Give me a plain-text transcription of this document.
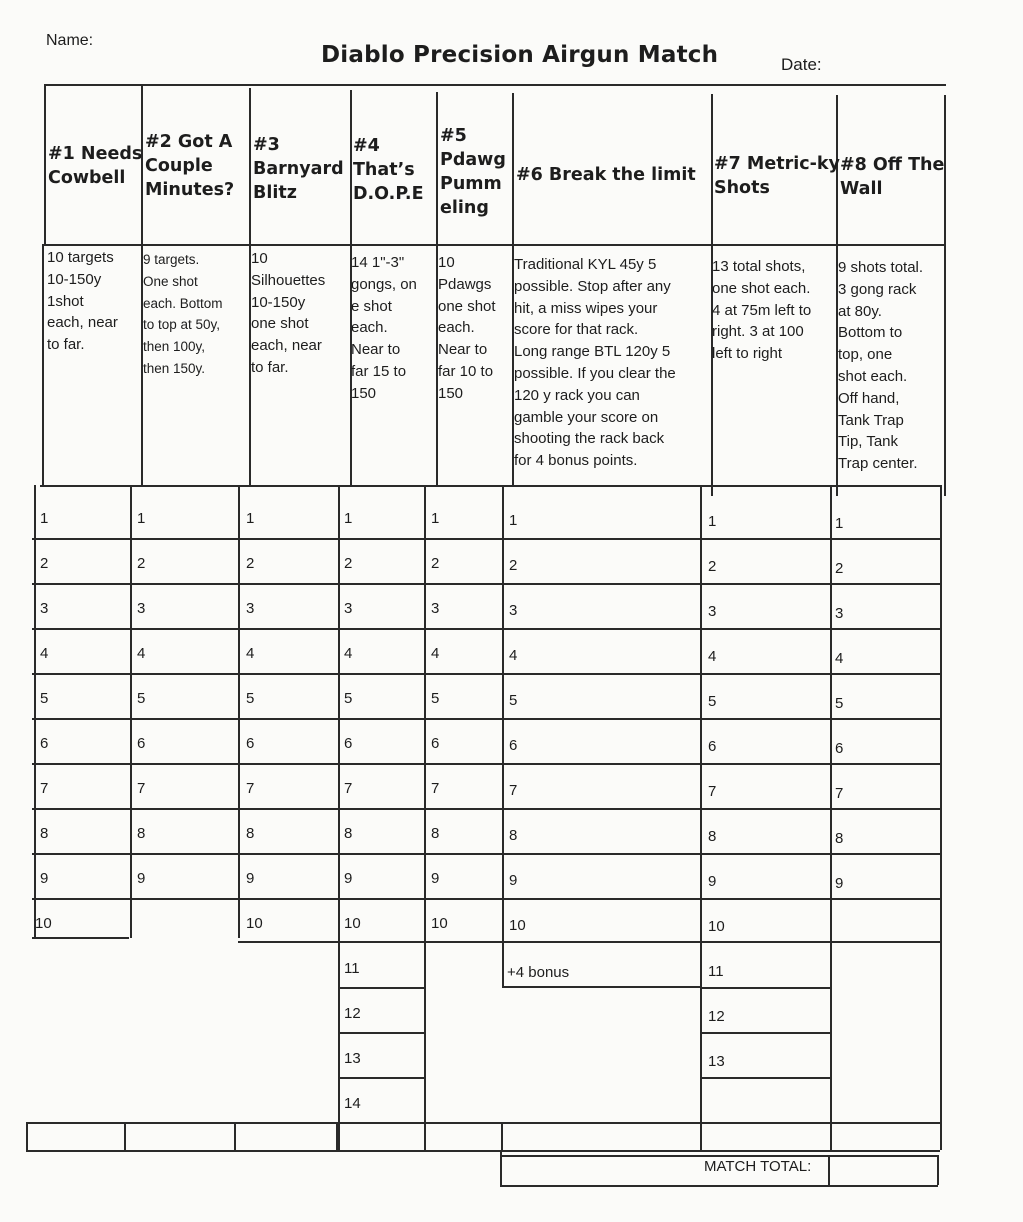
Name:
Diablo Precision Airgun Match	Date:
#1 Needs
Cowbell
#2 Got A
Couple
Minutes?
#3
Barnyard
Blitz
#4
That’s
D.O.P.E
#5
Pdawg
Pumm
eling
#6 Break the limit
#7 Metric-ky
Shots
#8 Off The
Wall
10 targets
10-150y
1shot
each, near
to far.
9 targets.
One shot
each. Bottom
to top at 50y,
then 100y,
then 150y.
10
Silhouettes
10-150y
one shot
each, near
to far.
14 1"-3"
gongs, on
e shot
each.
Near to
far 15 to
150
10
Pdawgs
one shot
each.
Near to
far 10 to
150
Traditional KYL 45y 5
possible. Stop after any
hit, a miss wipes your
score for that rack.
Long range BTL 120y 5
possible. If you clear the
120 y rack you can
gamble your score on
shooting the rack back
for 4 bonus points.
13 total shots,
one shot each.
4 at 75m left to
right. 3 at 100
left to right
9 shots total.
3 gong rack
at 80y.
Bottom to
top, one
shot each.
Off hand,
Tank Trap
Tip, Tank
Trap center.
1
2
3
4
5
6
7
8
9
10
1
2
3
4
5
6
7
8
9
1
2
3
4
5
6
7
8
9
10
1
2
3
4
5
6
7
8
9
10
11
12
13
14
1
2
3
4
5
6
7
8
9
10
1
2
3
4
5
6
7
8
9
10
1
2
3
4
5
6
7
8
9
10
11
12
13
1
2
3
4
5
6
7
8
9
+4 bonus
MATCH TOTAL:
